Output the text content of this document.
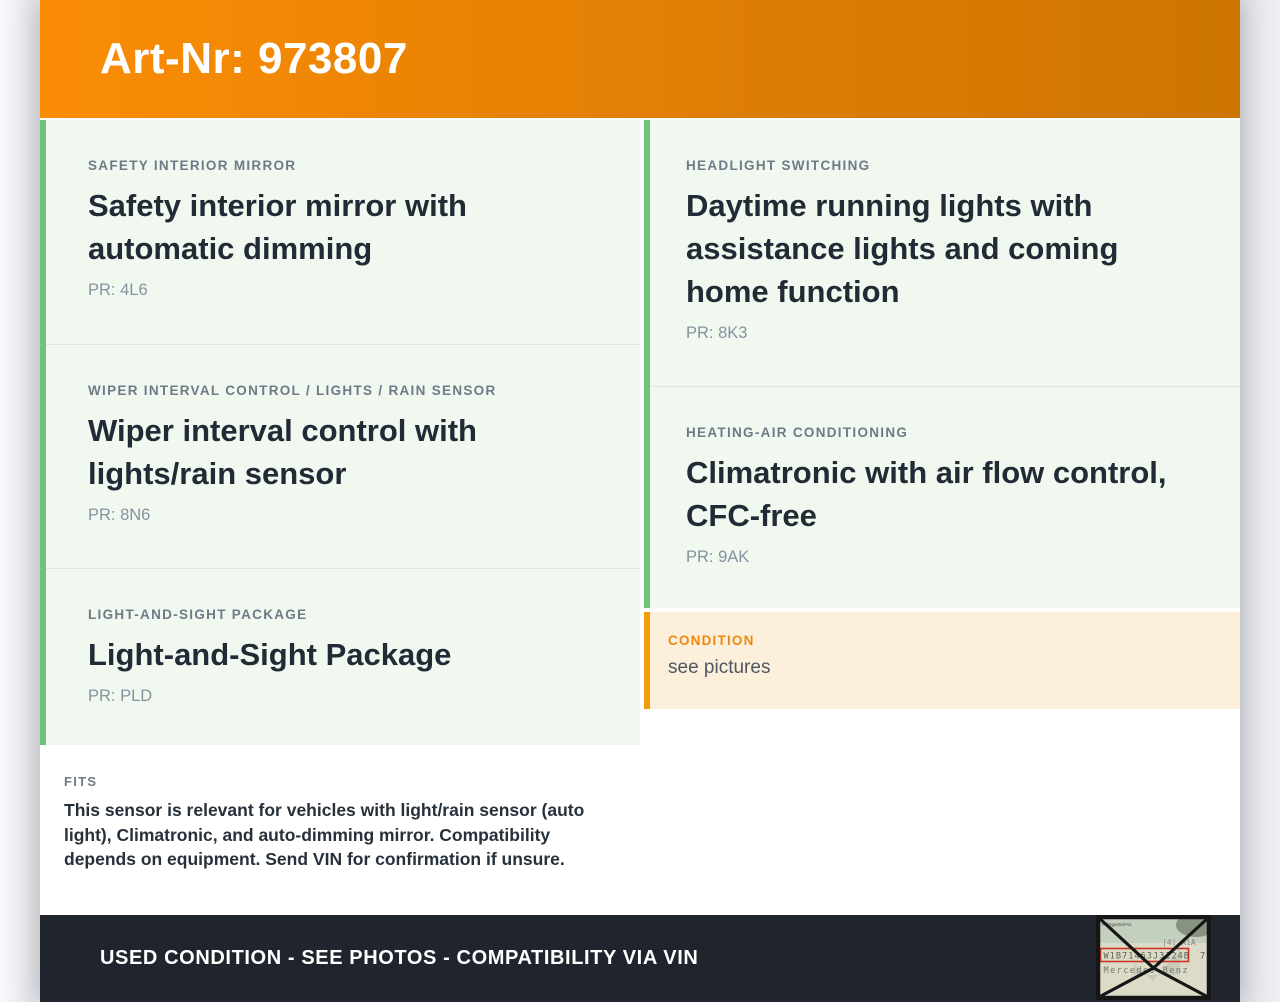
Art-Nr: 973807
SAFETY INTERIOR MIRROR
Safety interior mirror with automatic dimming
PR: 4L6
WIPER INTERVAL CONTROL / LIGHTS / RAIN SENSOR
Wiper interval control with lights/rain sensor
PR: 8N6
LIGHT-AND-SIGHT PACKAGE
Light-and-Sight Package
PR: PLD
FITS

This sensor is relevant for vehicles with light/rain sensor (auto light), Climatronic, and auto-dimming mirror. Compatibility depends on equipment. Send VIN for confirmation if unsure.

HEADLIGHT SWITCHING
Daytime running lights with assistance lights and coming home function
PR: 8K3
HEATING-AIR CONDITIONING
Climatronic with air flow control, CFC-free
PR: 9AK
CONDITION
see pictures
USED CONDITION - SEE PHOTOS - COMPATIBILITY VIA VIN
Fahrgestell-Nr.
|4| AiA
W1B71463J3124B 7
Mercedes-Benz
